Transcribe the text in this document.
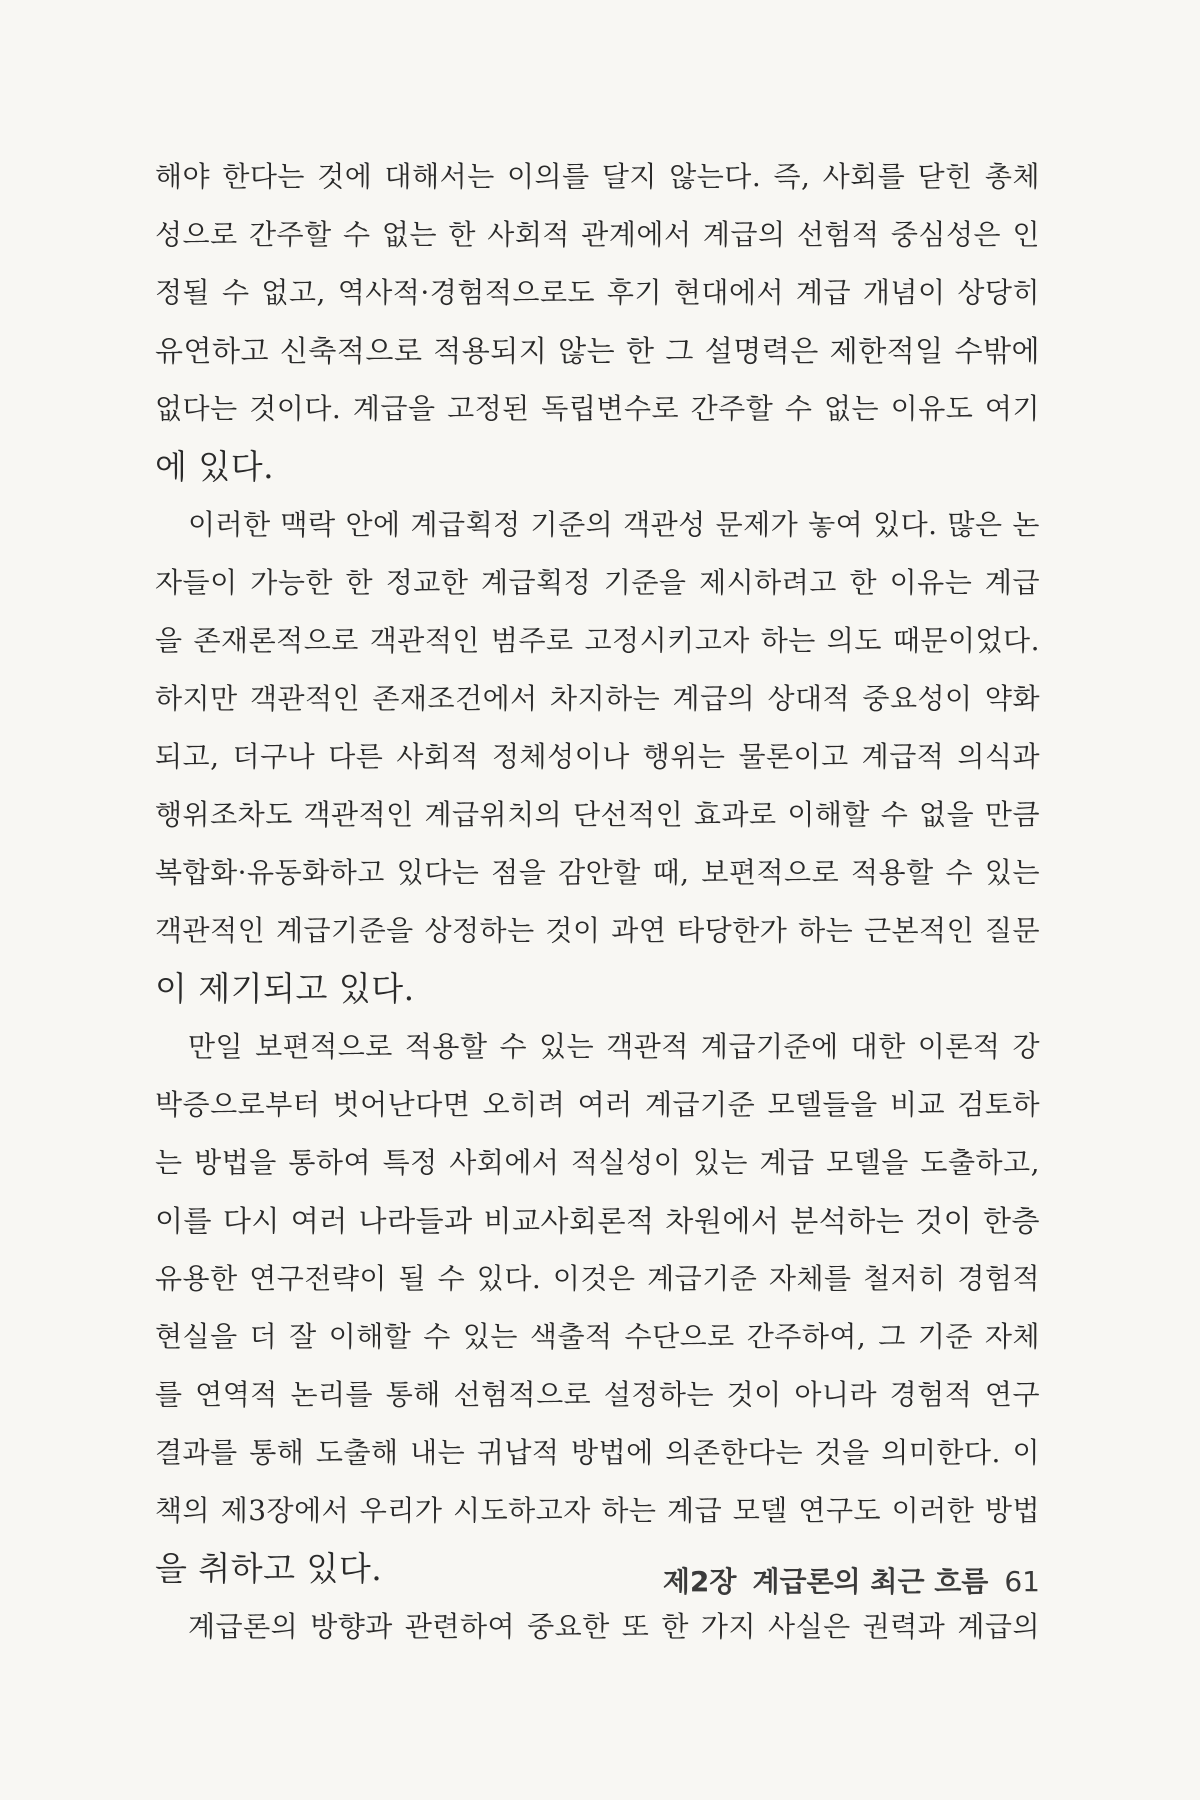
해야 한다는 것에 대해서는 이의를 달지 않는다. 즉, 사회를 닫힌 총체
성으로 간주할 수 없는 한 사회적 관계에서 계급의 선험적 중심성은 인
정될 수 없고, 역사적·경험적으로도 후기 현대에서 계급 개념이 상당히
유연하고 신축적으로 적용되지 않는 한 그 설명력은 제한적일 수밖에
없다는 것이다. 계급을 고정된 독립변수로 간주할 수 없는 이유도 여기
에 있다.
이러한 맥락 안에 계급획정 기준의 객관성 문제가 놓여 있다. 많은 논
자들이 가능한 한 정교한 계급획정 기준을 제시하려고 한 이유는 계급
을 존재론적으로 객관적인 범주로 고정시키고자 하는 의도 때문이었다.
하지만 객관적인 존재조건에서 차지하는 계급의 상대적 중요성이 약화
되고, 더구나 다른 사회적 정체성이나 행위는 물론이고 계급적 의식과
행위조차도 객관적인 계급위치의 단선적인 효과로 이해할 수 없을 만큼
복합화·유동화하고 있다는 점을 감안할 때, 보편적으로 적용할 수 있는
객관적인 계급기준을 상정하는 것이 과연 타당한가 하는 근본적인 질문
이 제기되고 있다.
만일 보편적으로 적용할 수 있는 객관적 계급기준에 대한 이론적 강
박증으로부터 벗어난다면 오히려 여러 계급기준 모델들을 비교 검토하
는 방법을 통하여 특정 사회에서 적실성이 있는 계급 모델을 도출하고,
이를 다시 여러 나라들과 비교사회론적 차원에서 분석하는 것이 한층
유용한 연구전략이 될 수 있다. 이것은 계급기준 자체를 철저히 경험적
현실을 더 잘 이해할 수 있는 색출적 수단으로 간주하여, 그 기준 자체
를 연역적 논리를 통해 선험적으로 설정하는 것이 아니라 경험적 연구
결과를 통해 도출해 내는 귀납적 방법에 의존한다는 것을 의미한다. 이
책의 제3장에서 우리가 시도하고자 하는 계급 모델 연구도 이러한 방법
을 취하고 있다.
계급론의 방향과 관련하여 중요한 또 한 가지 사실은 권력과 계급의
제2장 계급론의 최근 흐름 61
